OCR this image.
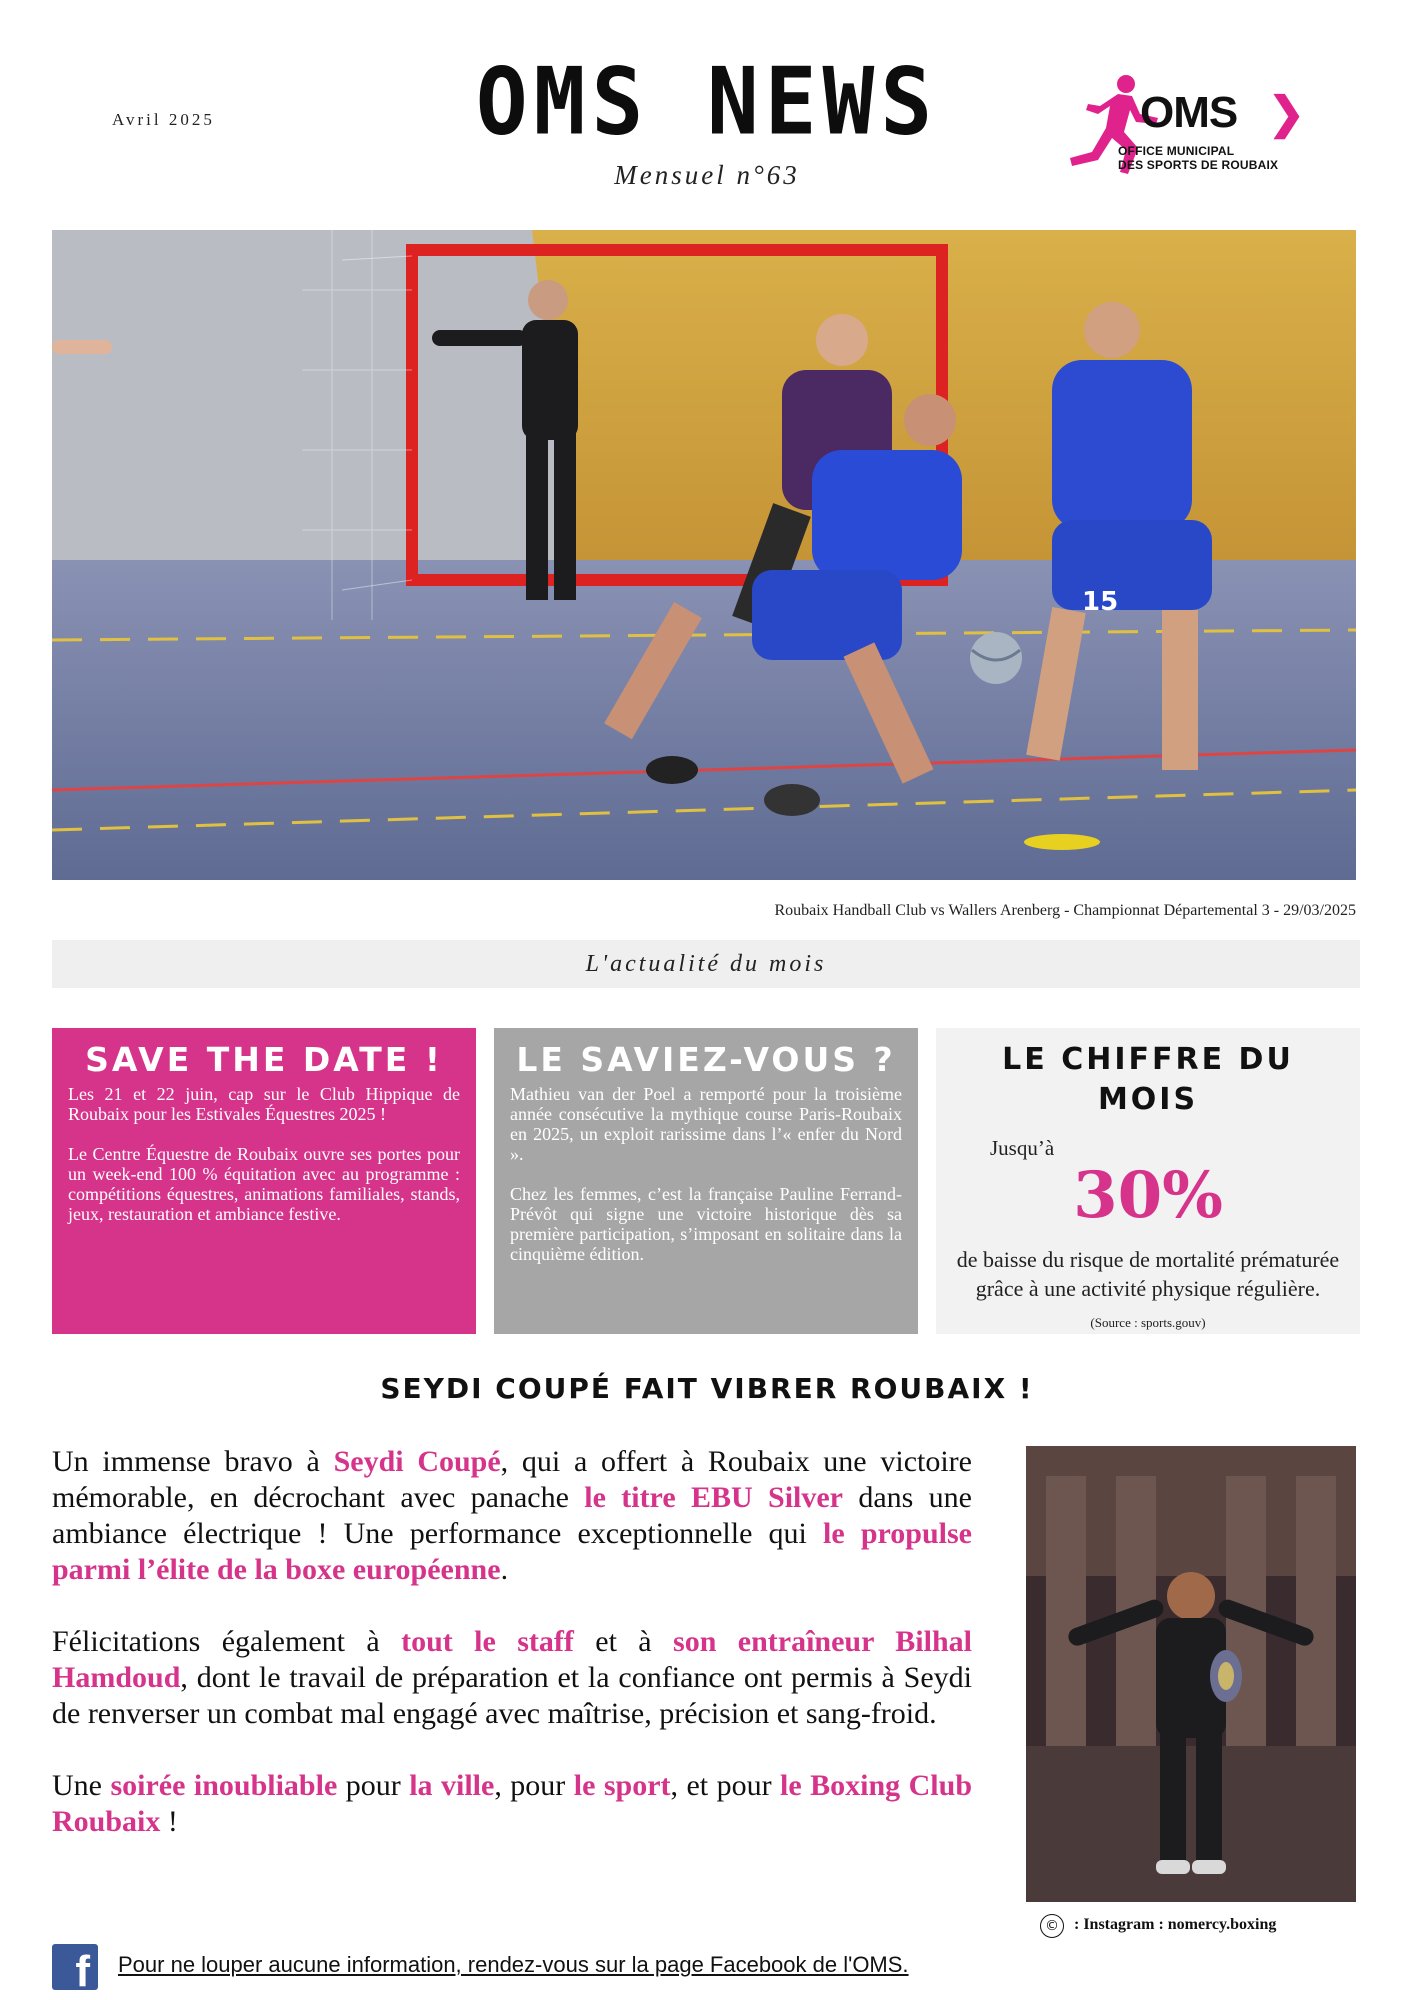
Avril 2025	OMS NEWS
Mensuel n°63
OMS ❯
OFFICE MUNICIPAL
DES SPORTS DE ROUBAIX
15
Roubaix Handball Club vs Wallers Arenberg - Championnat Départemental 3 - 29/03/2025
L'actualité du mois
SAVE THE DATE !

Les 21 et 22 juin, cap sur le Club Hippique de Roubaix pour les Estivales Équestres 2025 !

Le Centre Équestre de Roubaix ouvre ses portes pour un week-end 100 % équitation avec au programme : compétitions équestres, animations familiales, stands, jeux, restauration et ambiance festive.

LE SAVIEZ-VOUS ?

Mathieu van der Poel a remporté pour la troisième année consécutive la mythique course Paris-Roubaix en 2025, un exploit rarissime dans l’« enfer du Nord ».

Chez les femmes, c’est la française Pauline Ferrand-Prévôt qui signe une victoire historique dès sa première participation, s’imposant en solitaire dans la cinquième édition.

LE CHIFFRE DU MOIS
Jusqu’à
30%
de baisse du risque de mortalité prématurée grâce à une activité physique régulière.
(Source : sports.gouv)
SEYDI COUPÉ FAIT VIBRER ROUBAIX !

Un immense bravo à Seydi Coupé, qui a offert à Roubaix une victoire mémorable, en décrochant avec panache le titre EBU Silver dans une ambiance électrique ! Une performance exceptionnelle qui le propulse parmi l’élite de la boxe européenne.

Félicitations également à tout le staff et à son entraîneur Bilhal Hamdoud, dont le travail de préparation et la confiance ont permis à Seydi de renverser un combat mal engagé avec maîtrise, précision et sang-froid.

Une soirée inoubliable pour la ville, pour le sport, et pour le Boxing Club Roubaix !

© : Instagram : nomercy.boxing
f Pour ne louper aucune information, rendez-vous sur la page Facebook de l'OMS.
